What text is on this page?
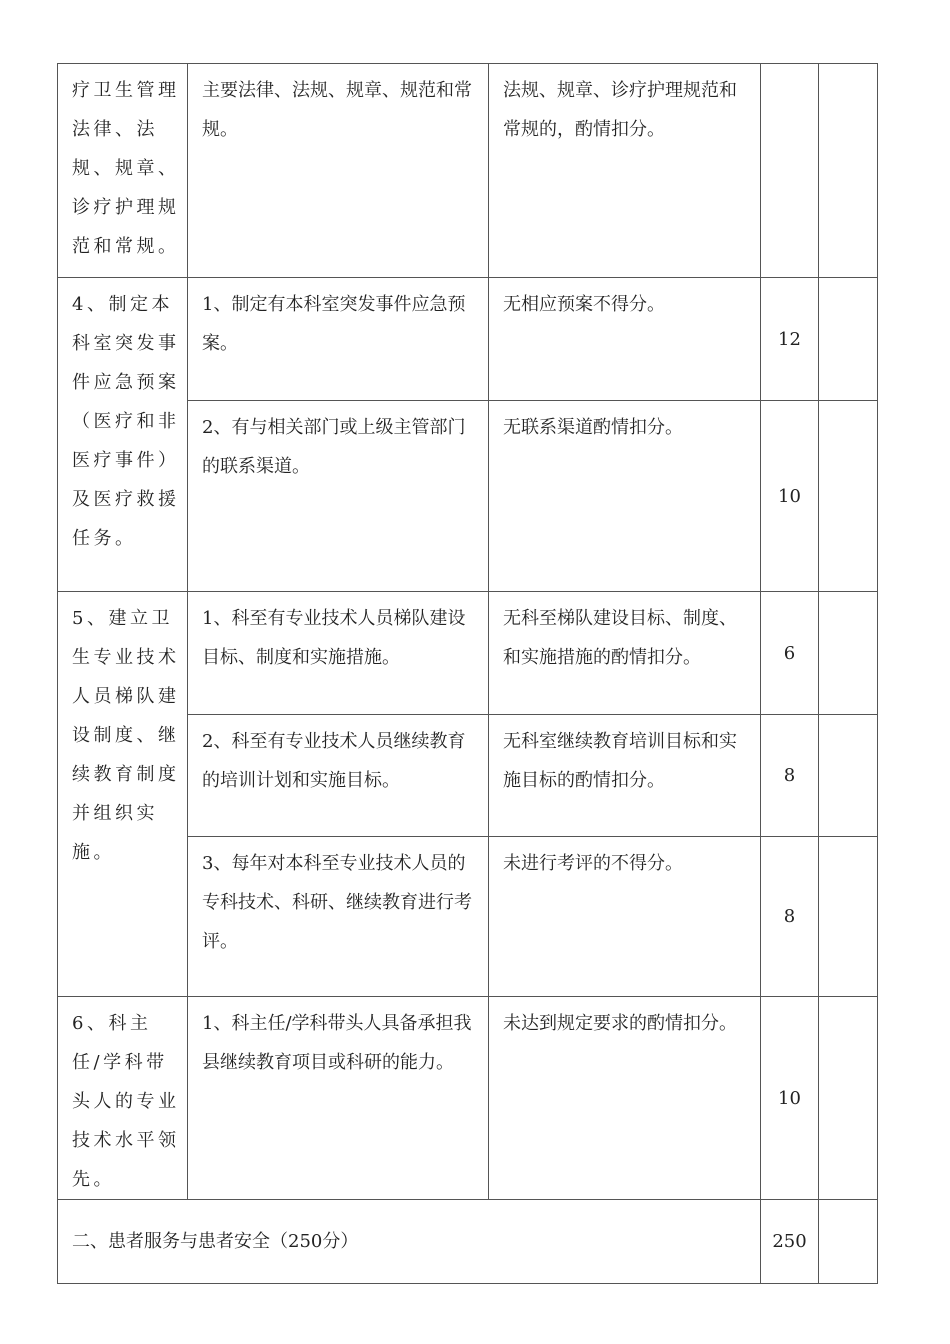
疗卫生管理法律、法规、规章、诊疗护理规范和常规。	主要法律、法规、规章、规范和常规。	法规、规章、诊疗护理规范和常规的，酌情扣分。		
4、制定本科室突发事件应急预案（医疗和非医疗事件）及医疗救援任务。	1、制定有本科室突发事件应急预案。	无相应预案不得分。	12	
	2、有与相关部门或上级主管部门的联系渠道。	无联系渠道酌情扣分。	10	
5、建立卫生专业技术人员梯队建设制度、继续教育制度并组织实施。	1、科至有专业技术人员梯队建设目标、制度和实施措施。	无科至梯队建设目标、制度、和实施措施的酌情扣分。	6	
	2、科至有专业技术人员继续教育的培训计划和实施目标。	无科室继续教育培训目标和实施目标的酌情扣分。	8	
	3、每年对本科至专业技术人员的专科技术、科研、继续教育进行考评。	未进行考评的不得分。	8	
6、科主任/学科带头人的专业技术水平领先。	1、科主任/学科带头人具备承担我县继续教育项目或科研的能力。	未达到规定要求的酌情扣分。	10	
二、患者服务与患者安全（250分）			250	
